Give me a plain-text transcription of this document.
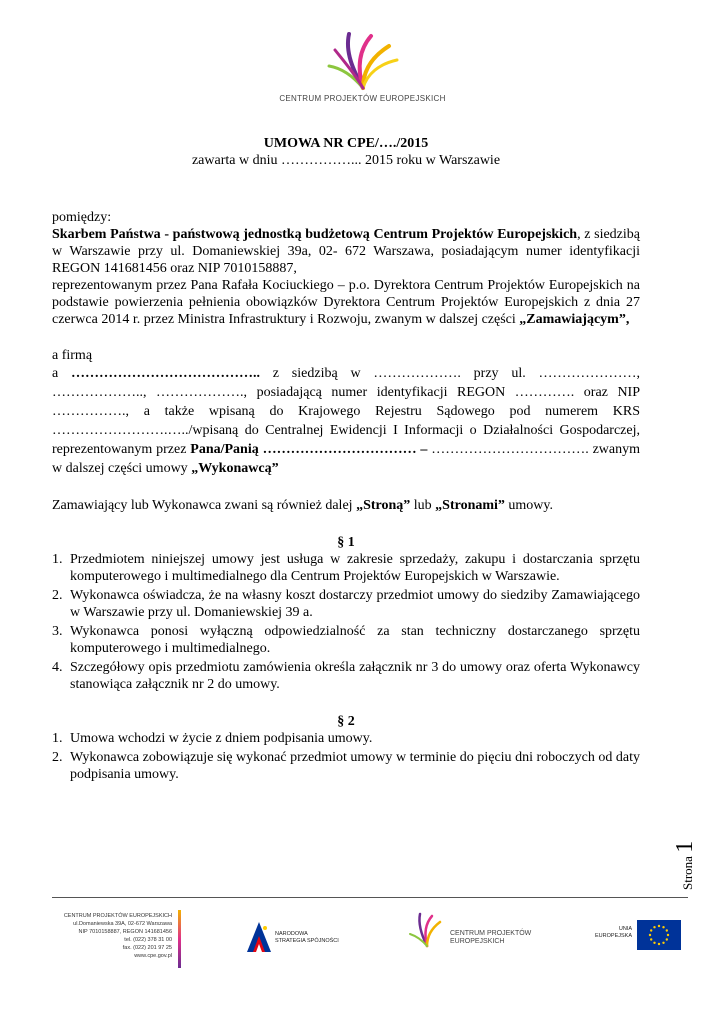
CENTRUM PROJEKTÓW EUROPEJSKICH
UMOWA NR CPE/…./2015
zawarta w dniu ……………... 2015 roku w Warszawie
pomiędzy:
Skarbem Państwa - państwową jednostką budżetową Centrum Projektów Europejskich, z siedzibą w Warszawie przy ul. Domaniewskiej 39a, 02- 672 Warszawa, posiadającym numer identyfikacji REGON 141681456 oraz NIP 7010158887,
reprezentowanym przez Pana Rafała Kociuckiego – p.o. Dyrektora Centrum Projektów Europejskich na podstawie powierzenia pełnienia obowiązków Dyrektora Centrum Projektów Europejskich z dnia 27 czerwca 2014 r. przez Ministra Infrastruktury i Rozwoju, zwanym w dalszej części „Zamawiającym”,
a firmą
a ………………………………….. z siedzibą w ………………. przy ul. …………………, ……………….., ………………., posiadającą numer identyfikacji REGON …………. oraz NIP ……………., a także wpisaną do Krajowego Rejestru Sądowego pod numerem KRS …………………….…../wpisaną do Centralnej Ewidencji I Informacji o Działalności Gospodarczej, reprezentowanym przez Pana/Panią …………………………… – ……………………………. zwanym w dalszej części umowy „Wykonawcą”
Zamawiający lub Wykonawca zwani są również dalej „Stroną” lub „Stronami” umowy.
§ 1
1. Przedmiotem niniejszej umowy jest usługa w zakresie sprzedaży, zakupu i dostarczania sprzętu komputerowego i multimedialnego dla Centrum Projektów Europejskich w Warszawie.
2. Wykonawca oświadcza, że na własny koszt dostarczy przedmiot umowy do siedziby Zamawiającego w Warszawie przy ul. Domaniewskiej 39 a.
3. Wykonawca ponosi wyłączną odpowiedzialność za stan techniczny dostarczanego sprzętu komputerowego i multimedialnego.
4. Szczegółowy opis przedmiotu zamówienia określa załącznik nr 3 do umowy oraz oferta Wykonawcy stanowiąca załącznik nr 2 do umowy.
§ 2
1. Umowa wchodzi w życie z dniem podpisania umowy.
2. Wykonawca zobowiązuje się wykonać przedmiot umowy w terminie do pięciu dni roboczych od daty podpisania umowy.
Strona 1
CENTRUM PROJEKTÓW EUROPEJSKICH
ul.Domaniewska 39A, 02-672 Warszawa
NIP 7010158887, REGON 141681456
tel. (022) 378 31 00
fax. (022) 201 97 25
www.cpe.gov.pl
NARODOWA
STRATEGIA SPÓJNOŚCI
CENTRUM PROJEKTÓW
EUROPEJSKICH
UNIA
EUROPEJSKA
